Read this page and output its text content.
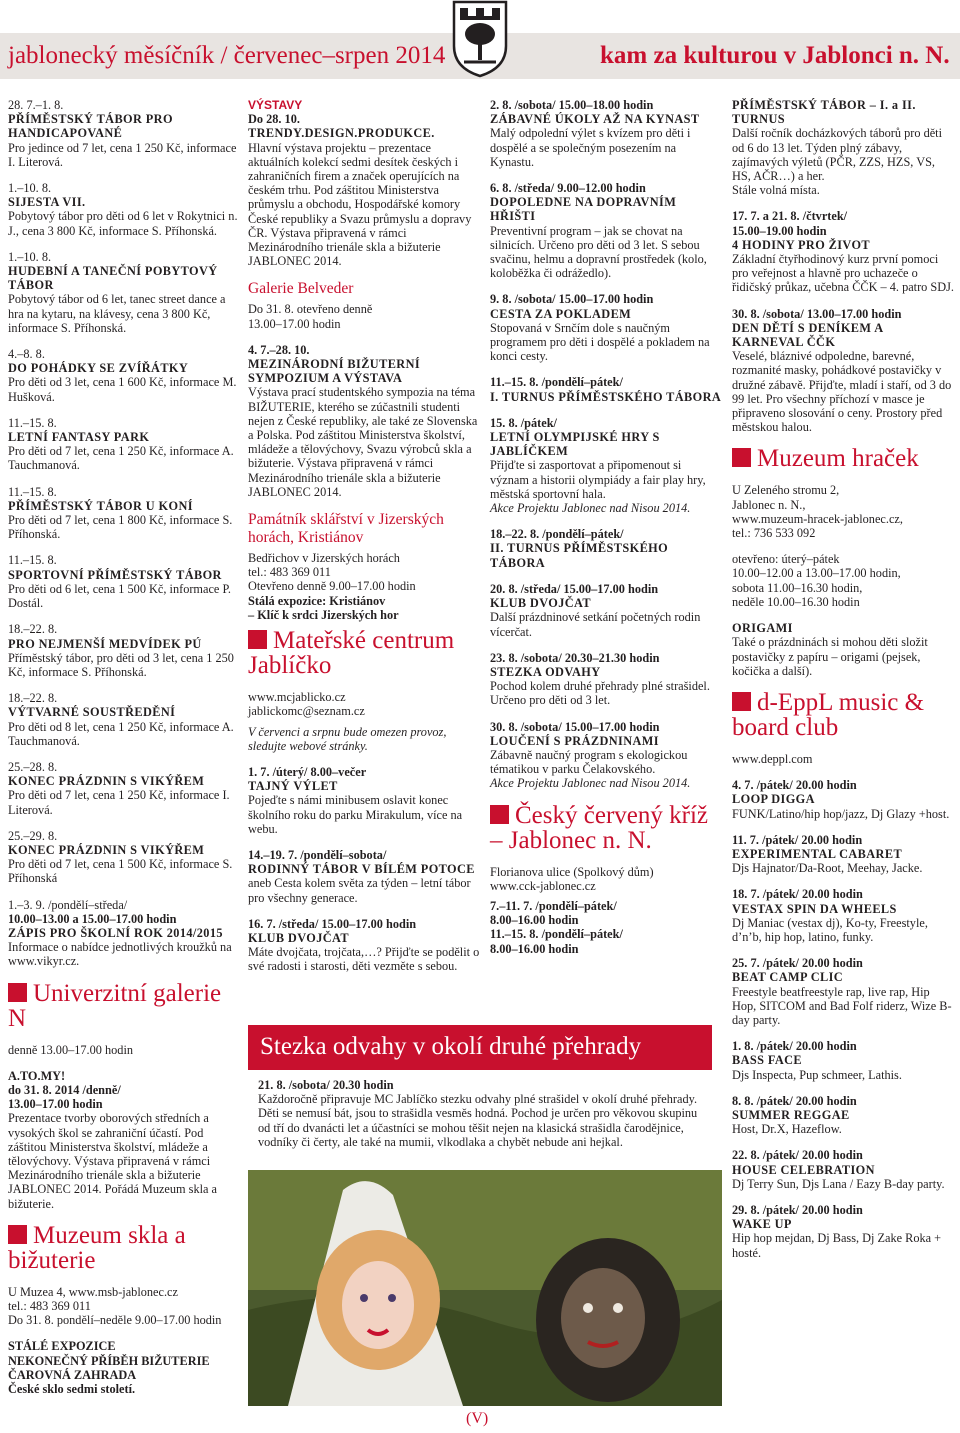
jablonecký měsíčník / červenec–srpen 2014	kam za kulturou v Jablonci n. N.
28. 7.–1. 8.
PŘÍMĚSTSKÝ TÁBOR PRO HANDICAPOVANÉ
Pro jedince od 7 let, cena 1 250 Kč, informace I. Literová.
1.–10. 8.
SIJESTA VII.
Pobytový tábor pro děti od 6 let v Rokytnici n. J., cena 3 800 Kč, informace S. Příhonská.
1.–10. 8.
HUDEBNÍ A TANEČNÍ POBYTOVÝ TÁBOR
Pobytový tábor od 6 let, tanec street dance a hra na kytaru, na klávesy, cena 3 800 Kč, informace S. Příhonská.
4.–8. 8.
DO POHÁDKY SE ZVÍŘÁTKY
Pro děti od 3 let, cena 1 600 Kč, informace M. Hušková.
11.–15. 8.
LETNÍ FANTASY PARK
Pro děti od 7 let, cena 1 250 Kč, informace A. Tauchmanová.
11.–15. 8.
PŘÍMĚSTSKÝ TÁBOR U KONÍ
Pro děti od 7 let, cena 1 800 Kč, informace S. Příhonská.
11.–15. 8.
SPORTOVNÍ PŘÍMĚSTSKÝ TÁBOR
Pro děti od 6 let, cena 1 500 Kč, informace P. Dostál.
18.–22. 8.
PRO NEJMENŠÍ MEDVÍDEK PÚ
Příměstský tábor, pro děti od 3 let, cena 1 250 Kč, informace S. Příhonská.
18.–22. 8.
VÝTVARNÉ SOUSTŘEDĚNÍ
Pro děti od 8 let, cena 1 250 Kč, informace A. Tauchmanová.
25.–28. 8.
KONEC PRÁZDNIN S VIKÝŘEM
Pro děti od 7 let, cena 1 250 Kč, informace I. Literová.
25.–29. 8.
KONEC PRÁZDNIN S VIKÝŘEM
Pro děti od 7 let, cena 1 500 Kč, informace S. Příhonská
1.–3. 9. /pondělí–středa/
10.00–13.00 a 15.00–17.00 hodin
ZÁPIS PRO ŠKOLNÍ ROK 2014/2015
Informace o nabídce jednotlivých kroužků na www.vikyr.cz.
Univerzitní galerie N
denně 13.00–17.00 hodin
A.TO.MY!
do 31. 8. 2014 /denně/
13.00–17.00 hodin
Prezentace tvorby oborových středních a vysokých škol se zahraniční účastí. Pod záštitou Ministerstva školství, mládeže a tělovýchovy. Výstava připravená v rámci Mezinárodního trienále skla a bižuterie JABLONEC 2014. Pořádá Muzeum skla a bižuterie.
Muzeum skla a bižuterie
U Muzea 4, www.msb-jablonec.cz
tel.: 483 369 011
Do 31. 8. pondělí–neděle 9.00–17.00 hodin
STÁLÉ EXPOZICE
NEKONEČNÝ PŘÍBĚH BIŽUTERIE
ČAROVNÁ ZAHRADA
České sklo sedmi století.
VÝSTAVY
Do 28. 10.
TRENDY.DESIGN.PRODUKCE.
Hlavní výstava projektu – prezentace aktuálních kolekcí sedmi desítek českých i zahraničních firem a značek operujících na českém trhu. Pod záštitou Ministerstva průmyslu a obchodu, Hospodářské komory České republiky a Svazu průmyslu a dopravy ČR. Výstava připravená v rámci Mezinárodního trienále skla a bižuterie JABLONEC 2014.
Galerie Belveder
Do 31. 8. otevřeno denně
13.00–17.00 hodin
4. 7.–28. 10.
MEZINÁRODNÍ BIŽUTERNÍ SYMPOZIUM A VÝSTAVA
Výstava prací studentského sympozia na téma BIŽUTERIE, kterého se zúčastnili studenti nejen z České republiky, ale také ze Slovenska a Polska. Pod záštitou Ministerstva školství, mládeže a tělovýchovy, Svazu výrobců skla a bižuterie. Výstava připravená v rámci Mezinárodního trienále skla a bižuterie JABLONEC 2014.
Památník sklářství v Jizerských horách, Kristiánov
Bedřichov v Jizerských horách
tel.: 483 369 011
Otevřeno denně 9.00–17.00 hodin
Stálá expozice: Kristiánov
– Klíč k srdci Jizerských hor
Mateřské centrum Jablíčko
www.mcjablicko.cz
jablickomc@seznam.cz
V červenci a srpnu bude omezen provoz, sledujte webové stránky.
1. 7. /úterý/ 8.00–večer
TAJNÝ VÝLET
Pojeďte s námi minibusem oslavit konec školního roku do parku Mirakulum, více na webu.
14.–19. 7. /pondělí–sobota/
RODINNÝ TÁBOR V BÍLÉM POTOCE
aneb Cesta kolem světa za týden – letní tábor pro všechny generace.
16. 7. /středa/ 15.00–17.00 hodin
KLUB DVOJČAT
Máte dvojčata, trojčata,…? Přijďte se podělit o své radosti i starosti, děti vezměte s sebou.
2. 8. /sobota/ 15.00–18.00 hodin
ZÁBAVNÉ ÚKOLY AŽ NA KYNAST
Malý odpolední výlet s kvízem pro děti i dospělé a se společným posezením na Kynastu.
6. 8. /středa/ 9.00–12.00 hodin
DOPOLEDNE NA DOPRAVNÍM HŘIŠTI
Preventivní program – jak se chovat na silnicích. Určeno pro děti od 3 let. S sebou svačinu, helmu a dopravní prostředek (kolo, koloběžka či odrážedlo).
9. 8. /sobota/ 15.00–17.00 hodin
CESTA ZA POKLADEM
Stopovaná v Srnčím dole s naučným programem pro děti i dospělé a pokladem na konci cesty.
11.–15. 8. /pondělí–pátek/
I. TURNUS PŘÍMĚSTSKÉHO TÁBORA
15. 8. /pátek/
LETNÍ OLYMPIJSKÉ HRY S JABLÍČKEM
Přijďte si zasportovat a připomenout si význam a historii olympiády a fair play hry, městská sportovní hala.
Akce Projektu Jablonec nad Nisou 2014.
18.–22. 8. /pondělí–pátek/
II. TURNUS PŘÍMĚSTSKÉHO TÁBORA
20. 8. /středa/ 15.00–17.00 hodin
KLUB DVOJČAT
Další prázdninové setkání početných rodin vícerčat.
23. 8. /sobota/ 20.30–21.30 hodin
STEZKA ODVAHY
Pochod kolem druhé přehrady plné strašidel. Určeno pro děti od 3 let.
30. 8. /sobota/ 15.00–17.00 hodin
LOUČENÍ S PRÁZDNINAMI
Zábavně naučný program s ekologickou tématikou v parku Čelakovského.
Akce Projektu Jablonec nad Nisou 2014.
Český červený kříž – Jablonec n. N.
Florianova ulice (Spolkový dům)
www.cck-jablonec.cz
7.–11. 7. /pondělí–pátek/
8.00–16.00 hodin
11.–15. 8. /pondělí–pátek/
8.00–16.00 hodin
PŘÍMĚSTSKÝ TÁBOR – I. a II. TURNUS
Další ročník docházkových táborů pro děti od 6 do 13 let. Týden plný zábavy, zajímavých výletů (PČR, ZZS, HZS, VS, HS, AČR…) a her.
Stále volná místa.
17. 7. a 21. 8. /čtvrtek/
15.00–19.00 hodin
4 HODINY PRO ŽIVOT
Základní čtyřhodinový kurz první pomoci pro veřejnost a hlavně pro uchazeče o řidičský průkaz, učebna ČČK – 4. patro SDJ.
30. 8. /sobota/ 13.00–17.00 hodin
DEN DĚTÍ S DENÍKEM A KARNEVAL ČČK
Veselé, bláznivé odpoledne, barevné, rozmanité masky, pohádkové postavičky v družné zábavě. Přijďte, mladí i staří, od 3 do 99 let. Pro všechny příchozí v masce je připraveno slosování o ceny. Prostory před městskou halou.
Muzeum hraček
U Zeleného stromu 2,
Jablonec n. N.,
www.muzeum-hracek-jablonec.cz,
tel.: 736 533 092
otevřeno: úterý–pátek
10.00–12.00 a 13.00–17.00 hodin,
sobota 11.00–16.30 hodin,
neděle 10.00–16.30 hodin
ORIGAMI
Také o prázdninách si mohou děti složit postavičky z papíru – origami (pejsek, kočička a další).
d-EppL music & board club
www.deppl.com
4. 7. /pátek/ 20.00 hodin
LOOP DIGGA
FUNK/Latino/hip hop/jazz, Dj Glazy +host.
11. 7. /pátek/ 20.00 hodin
EXPERIMENTAL CABARET
Djs Hajnator/Da-Root, Meehay, Jacke.
18. 7. /pátek/ 20.00 hodin
VESTAX SPIN DA WHEELS
Dj Maniac (vestax dj), Ko-ty, Freestyle, d’n’b, hip hop, latino, funky.
25. 7. /pátek/ 20.00 hodin
BEAT CAMP CLIC
Freestyle beatfreestyle rap, live rap, Hip Hop, SITCOM and Bad Folf riderz, Wize B-day party.
1. 8. /pátek/ 20.00 hodin
BASS FACE
Djs Inspecta, Pup schmeer, Lathis.
8. 8. /pátek/ 20.00 hodin
SUMMER REGGAE
Host, Dr.X, Hazeflow.
22. 8. /pátek/ 20.00 hodin
HOUSE CELEBRATION
Dj Terry Sun, Djs Lana / Eazy B-day party.
29. 8. /pátek/ 20.00 hodin
WAKE UP
Hip hop mejdan, Dj Bass, Dj Zake Roka + hosté.
Stezka odvahy v okolí druhé přehrady
21. 8. /sobota/ 20.30 hodin
Každoročně připravuje MC Jablíčko stezku odvahy plné strašidel v okolí druhé přehrady. Děti se nemusí bát, jsou to strašidla vesměs hodná. Pochod je určen pro věkovou skupinu od tří do dvanácti let a účastníci se mohou těšit nejen na klasická strašidla čarodějnice, vodníky či čerty, ale také na mumii, vlkodlaka a chybět nebude ani hejkal.
(V)
